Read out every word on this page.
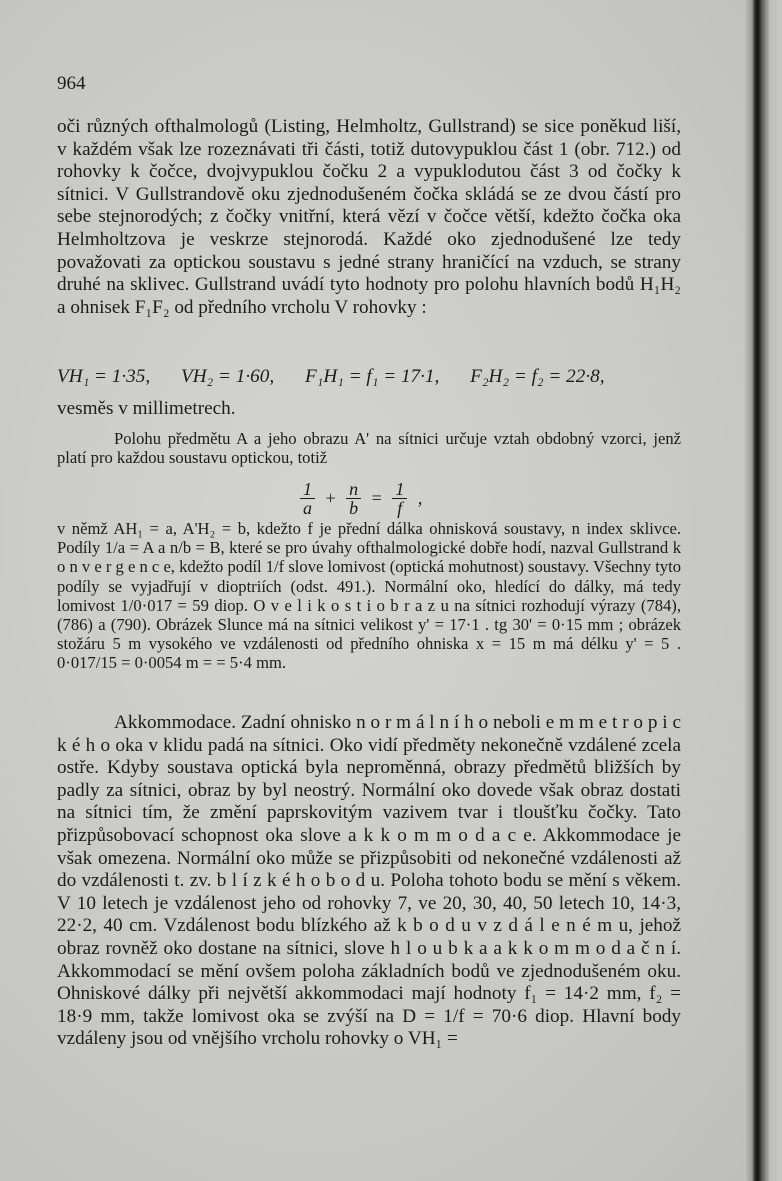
964

oči různých ofthalmologů (Listing, Helmholtz, Gullstrand) se sice poněkud liší, v každém však lze rozeznávati tři části, totiž dutovypuklou část 1 (obr. 712.) od rohovky k čočce, dvojvypuklou čočku 2 a vypuklodutou část 3 od čočky k sítnici. V Gullstrandově oku zjednodušeném čočka skládá se ze dvou částí pro sebe stejnorodých; z čočky vnitřní, která vězí v čočce větší, kdežto čočka oka Helmholtzova je veskrze stejnorodá. Každé oko zjednodušené lze tedy považovati za optickou soustavu s jedné strany hraničící na vzduch, se strany druhé na sklivec. Gullstrand uvádí tyto hodnoty pro polohu hlavních bodů H₁H₂ a ohnisek F₁F₂ od předního vrcholu V rohovky :

VH₁ = 1·35, VH₂ = 1·60, F₁H₁ = f₁ = 17·1, F₂H₂ = f₂ = 22·8,

vesměs v millimetrech.

Polohu předmětu A a jeho obrazu A' na sítnici určuje vztah obdobný vzorci, jenž platí pro každou soustavu optickou, totiž

$\frac{1}{a} + \frac{n}{b} = \frac{1}{f}$ ,

v němž AH₁ = a, A'H₂ = b, kdežto f je přední dálka ohnisková soustavy, n index sklivce. Podíly 1/a = A a n/b = B, které se pro úvahy ofthalmologické dobře hodí, nazval Gullstrand k o n v e r g e n c e, kdežto podíl 1/f slove lomivost (optická mohutnost) soustavy. Všechny tyto podíly se vyjadřují v dioptriích (odst. 491.). Normální oko, hledící do dálky, má tedy lomivost 1/0·017 = 59 diop. O v e l i k o s t i o b r a z u na sítnici rozhodují výrazy (784), (786) a (790). Obrázek Slunce má na sítnici velikost y' = 17·1 . tg 30' = 0·15 mm ; obrázek stožáru 5 m vysokého ve vzdálenosti od předního ohniska x = 15 m má délku y' = 5 . 0·017/15 = 0·0054 m = = 5·4 mm.

Akkommodace. Zadní ohnisko n o r m á l n í h o neboli e m m e t r o p i c k é h o oka v klidu padá na sítnici. Oko vidí předměty nekonečně vzdálené zcela ostře. Kdyby soustava optická byla neproměnná, obrazy předmětů bližších by padly za sítnici, obraz by byl neostrý. Normální oko dovede však obraz dostati na sítnici tím, že změní paprskovitým vazivem tvar i tloušťku čočky. Tato přizpůsobovací schopnost oka slove a k k o m m o d a c e. Akkommodace je však omezena. Normální oko může se přizpůsobiti od nekonečné vzdálenosti až do vzdálenosti t. zv. b l í z k é h o b o d u. Poloha tohoto bodu se mění s věkem. V 10 letech je vzdálenost jeho od rohovky 7, ve 20, 30, 40, 50 letech 10, 14·3, 22·2, 40 cm. Vzdálenost bodu blízkého až k b o d u v z d á l e n é m u, jehož obraz rovněž oko dostane na sítnici, slove h l o u b k a a k k o m m o d a č n í. Akkommodací se mění ovšem poloha základních bodů ve zjednodušeném oku. Ohniskové dálky při největší akkommodaci mají hodnoty f₁ = 14·2 mm, f₂ = 18·9 mm, takže lomivost oka se zvýší na D = 1/f = 70·6 diop. Hlavní body vzdáleny jsou od vnějšího vrcholu rohovky o VH₁ =
